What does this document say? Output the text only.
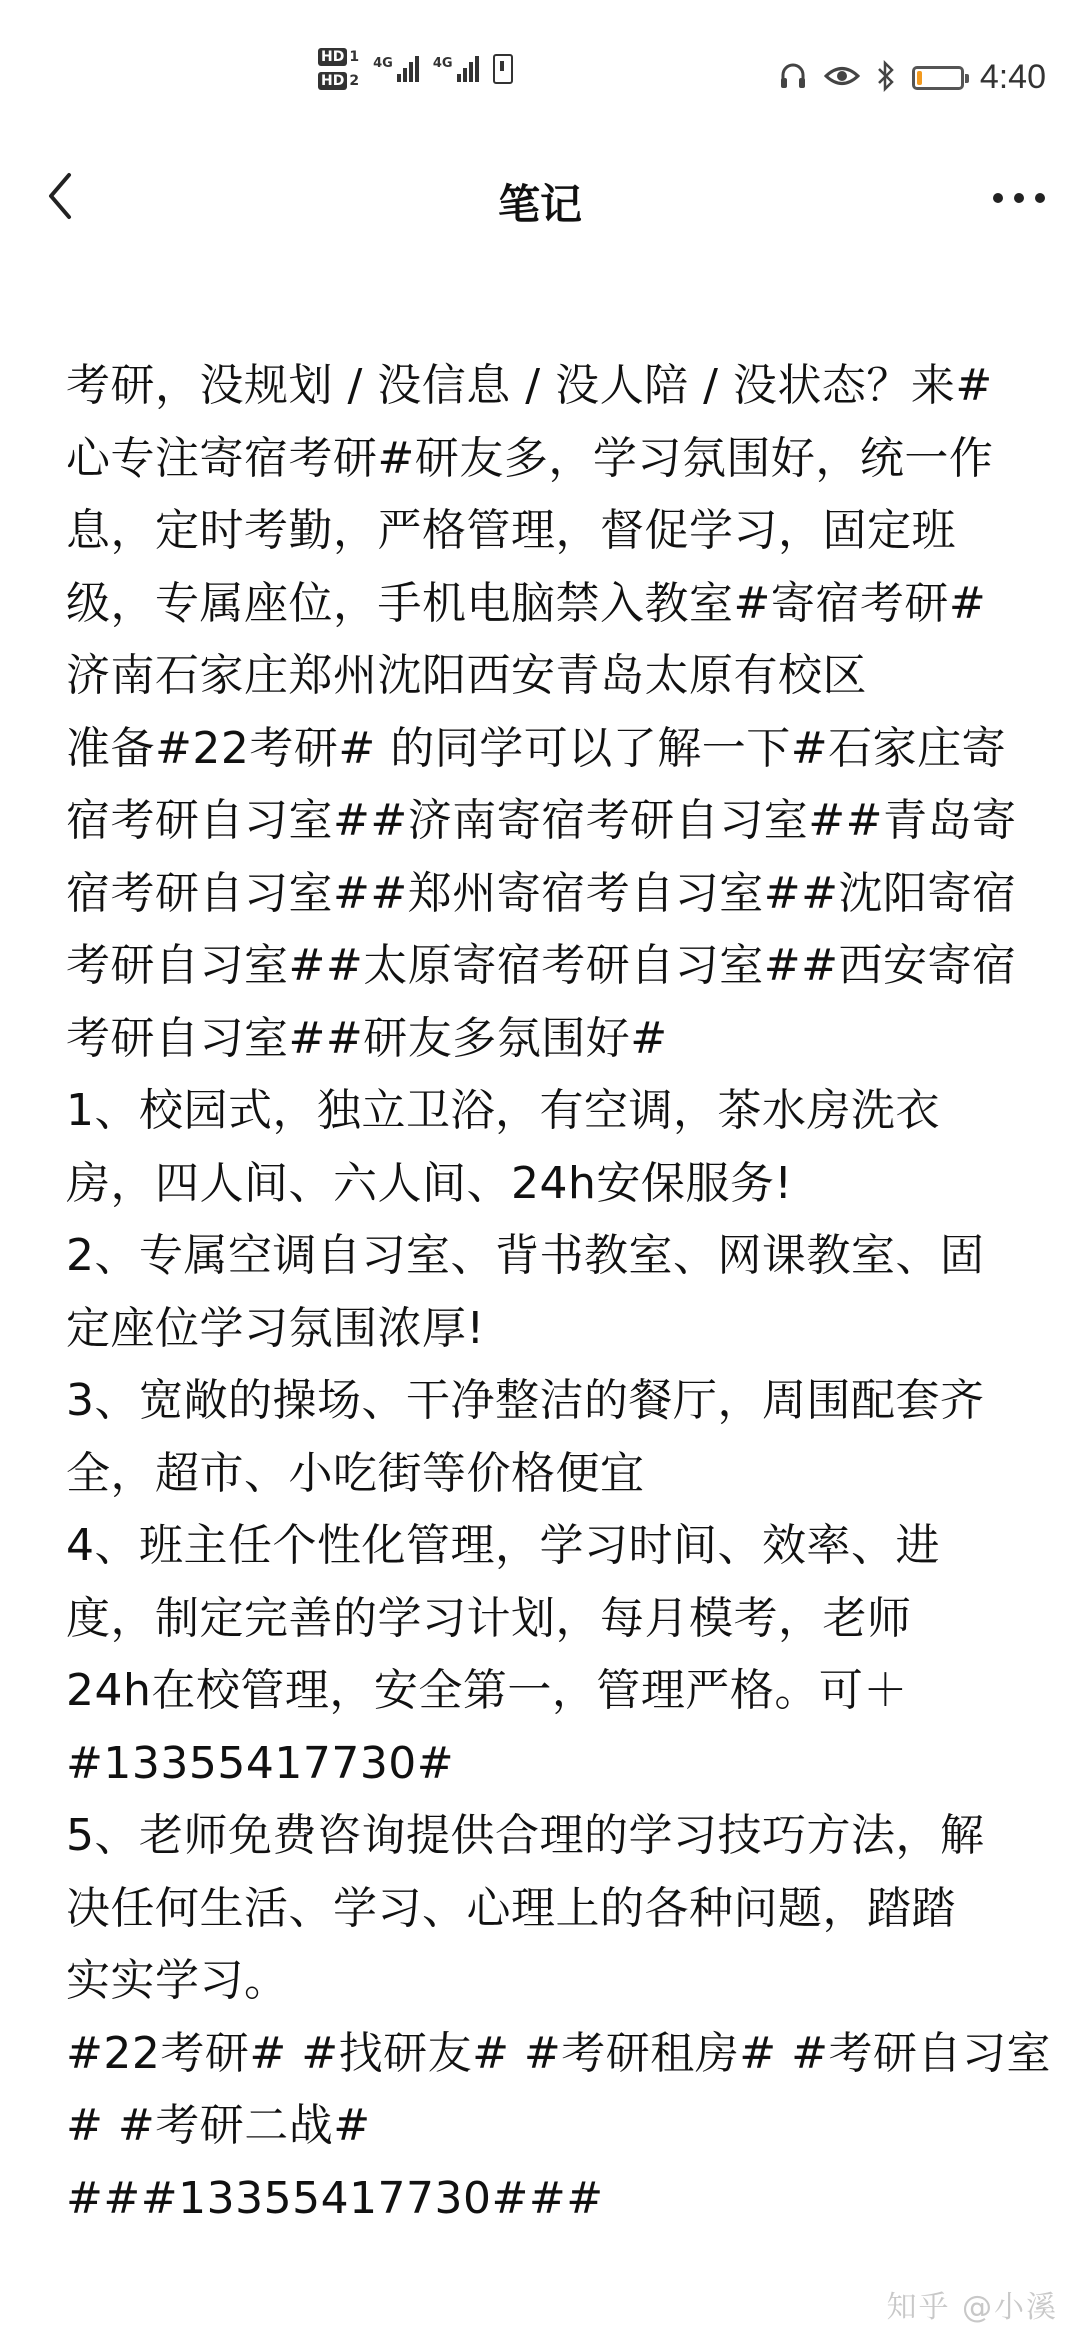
HD 1
HD 2
4G	4G	4:40
笔记

考研，没规划 / 没信息 / 没人陪 / 没状态？来#

心专注寄宿考研#研友多，学习氛围好，统一作

息，定时考勤，严格管理，督促学习，固定班

级，专属座位，手机电脑禁入教室#寄宿考研#

济南石家庄郑州沈阳西安青岛太原有校区

准备#22考研# 的同学可以了解一下#石家庄寄

宿考研自习室##济南寄宿考研自习室##青岛寄

宿考研自习室##郑州寄宿考自习室##沈阳寄宿

考研自习室##太原寄宿考研自习室##西安寄宿

考研自习室##研友多氛围好#

1、校园式，独立卫浴，有空调，茶水房洗衣

房，四人间、六人间、24h安保服务!

2、专属空调自习室、背书教室、网课教室、固

定座位学习氛围浓厚!

3、宽敞的操场、干净整洁的餐厅，周围配套齐

全，超市、小吃街等价格便宜

4、班主任个性化管理，学习时间、效率、进

度，制定完善的学习计划，每月模考，老师

24h在校管理，安全第一，管理严格。可＋

#13355417730#

5、老师免费咨询提供合理的学习技巧方法，解

决任何生活、学习、心理上的各种问题，踏踏

实实学习。

#22考研# #找研友# #考研租房# #考研自习室

# #考研二战#

###13355417730###

知乎 @小溪
